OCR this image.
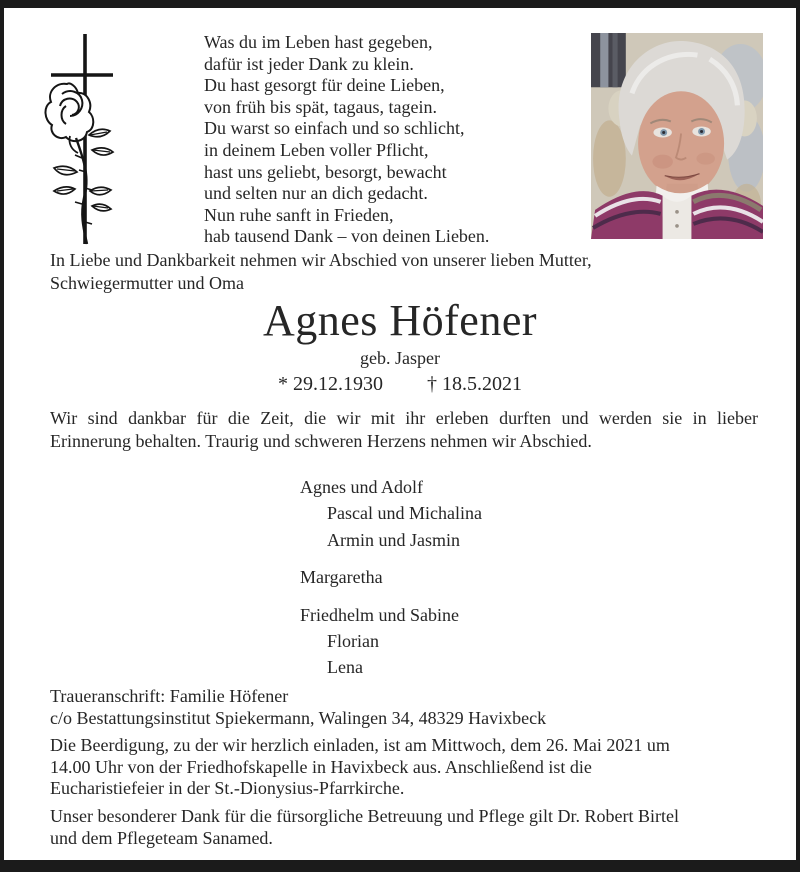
Was du im Leben hast gegeben,
dafür ist jeder Dank zu klein.
Du hast gesorgt für deine Lieben,
von früh bis spät, tagaus, tagein.
Du warst so einfach und so schlicht,
in deinem Leben voller Pflicht,
hast uns geliebt, besorgt, bewacht
und selten nur an dich gedacht.
Nun ruhe sanft in Frieden,
hab tausend Dank – von deinen Lieben.
In Liebe und Dankbarkeit nehmen wir Abschied von unserer lieben Mutter, Schwiegermutter und Oma
Agnes Höfener
geb. Jasper
* 29.12.1930 † 18.5.2021
Wir sind dankbar für die Zeit, die wir mit ihr erleben durften und werden sie in lieber
Erinnerung behalten. Traurig und schweren Herzens nehmen wir Abschied.
Agnes und Adolf
Pascal und Michalina
Armin und Jasmin
Margaretha
Friedhelm und Sabine
Florian
Lena
Traueranschrift: Familie Höfener
c/o Bestattungsinstitut Spiekermann, Walingen 34, 48329 Havixbeck
Die Beerdigung, zu der wir herzlich einladen, ist am Mittwoch, dem 26. Mai 2021 um
14.00 Uhr von der Friedhofskapelle in Havixbeck aus. Anschließend ist die
Eucharistiefeier in der St.-Dionysius-Pfarrkirche.
Unser besonderer Dank für die fürsorgliche Betreuung und Pflege gilt Dr. Robert Birtel
und dem Pflegeteam Sanamed.
